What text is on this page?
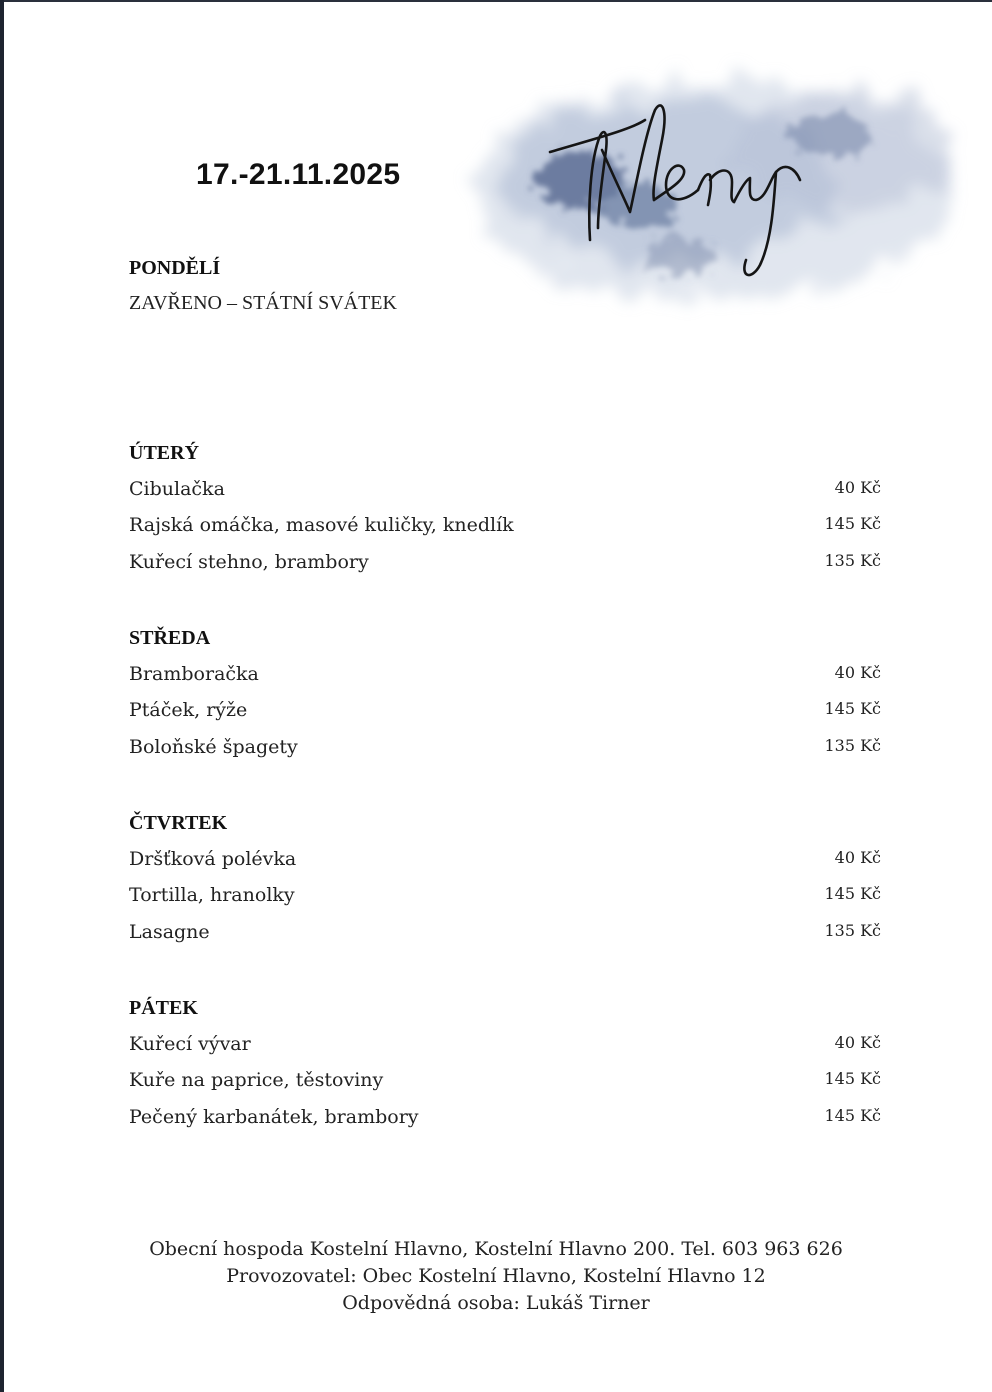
17.-21.11.2025
PONDĚLÍ
ZAVŘENO – STÁTNÍ SVÁTEK
ÚTERÝ
Cibulačka	40 Kč
Rajská omáčka, masové kuličky, knedlík	145 Kč
Kuřecí stehno, brambory	135 Kč
STŘEDA
Bramboračka	40 Kč
Ptáček, rýže	145 Kč
Boloňské špagety	135 Kč
ČTVRTEK
Dršťková polévka	40 Kč
Tortilla, hranolky	145 Kč
Lasagne	135 Kč
PÁTEK
Kuřecí vývar	40 Kč
Kuře na paprice, těstoviny	145 Kč
Pečený karbanátek, brambory	145 Kč
Obecní hospoda Kostelní Hlavno, Kostelní Hlavno 200. Tel. 603 963 626
Provozovatel: Obec Kostelní Hlavno, Kostelní Hlavno 12
Odpovědná osoba: Lukáš Tirner
